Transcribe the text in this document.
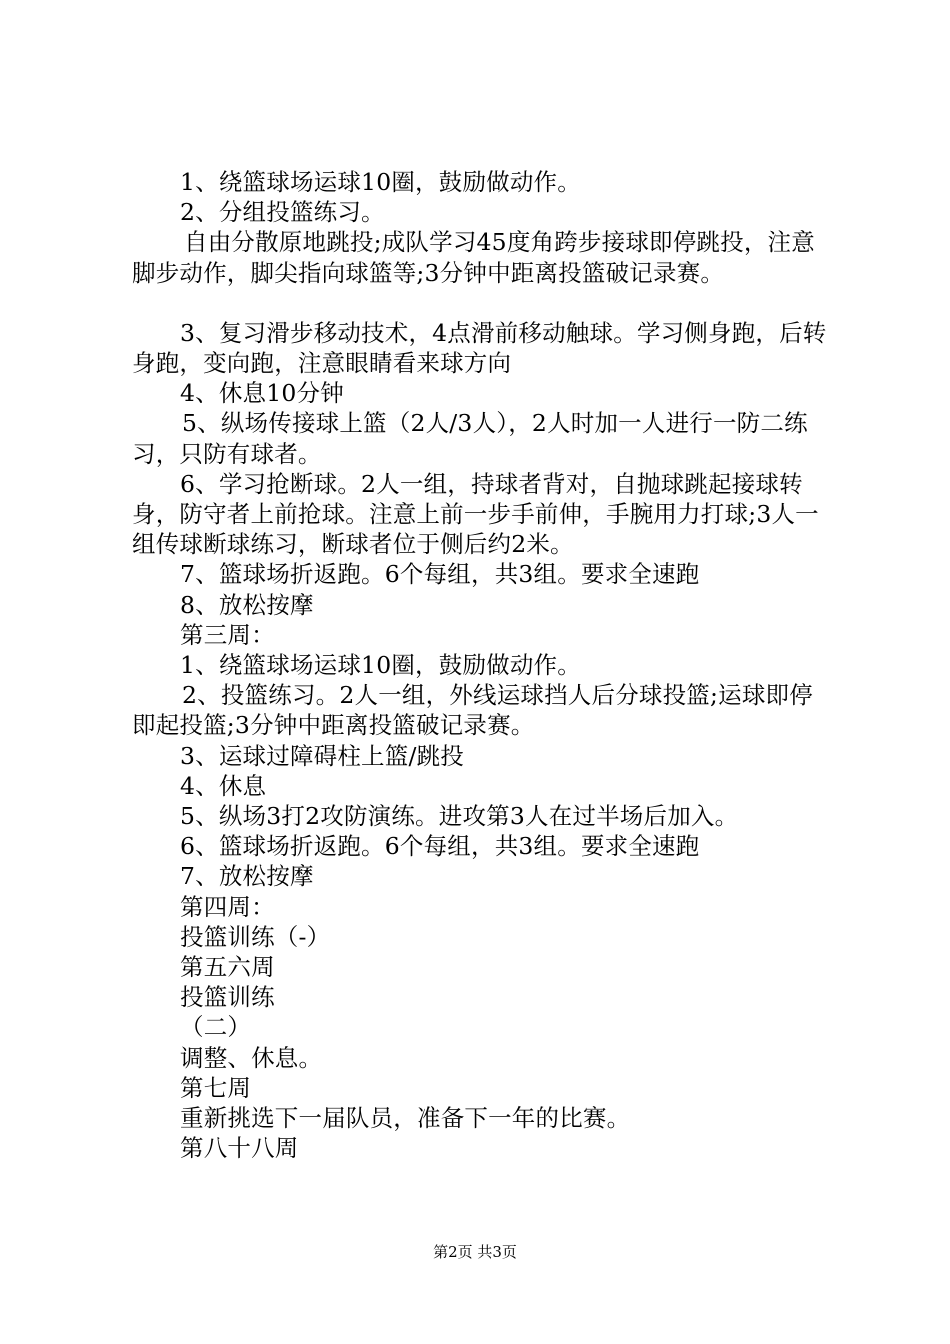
1、绕篮球场运球10圈，鼓励做动作。

2、分组投篮练习。

自由分散原地跳投;成队学习45度角跨步接球即停跳投，注意脚步动作，脚尖指向球篮等;3分钟中距离投篮破记录赛。

3、复习滑步移动技术，4点滑前移动触球。学习侧身跑，后转身跑，变向跑，注意眼睛看来球方向

4、休息10分钟

5、纵场传接球上篮（2人/3人），2人时加一人进行一防二练习，只防有球者。

6、学习抢断球。2人一组，持球者背对，自抛球跳起接球转身，防守者上前抢球。注意上前一步手前伸，手腕用力打球;3人一组传球断球练习，断球者位于侧后约2米。

7、篮球场折返跑。6个每组，共3组。要求全速跑

8、放松按摩

第三周：

1、绕篮球场运球10圈，鼓励做动作。

2、投篮练习。2人一组，外线运球挡人后分球投篮;运球即停即起投篮;3分钟中距离投篮破记录赛。

3、运球过障碍柱上篮/跳投

4、休息

5、纵场3打2攻防演练。进攻第3人在过半场后加入。

6、篮球场折返跑。6个每组，共3组。要求全速跑

7、放松按摩

第四周：

投篮训练（-）

第五六周

投篮训练

（二）

调整、休息。

第七周

重新挑选下一届队员，准备下一年的比赛。

第八十八周

第2页 共3页
